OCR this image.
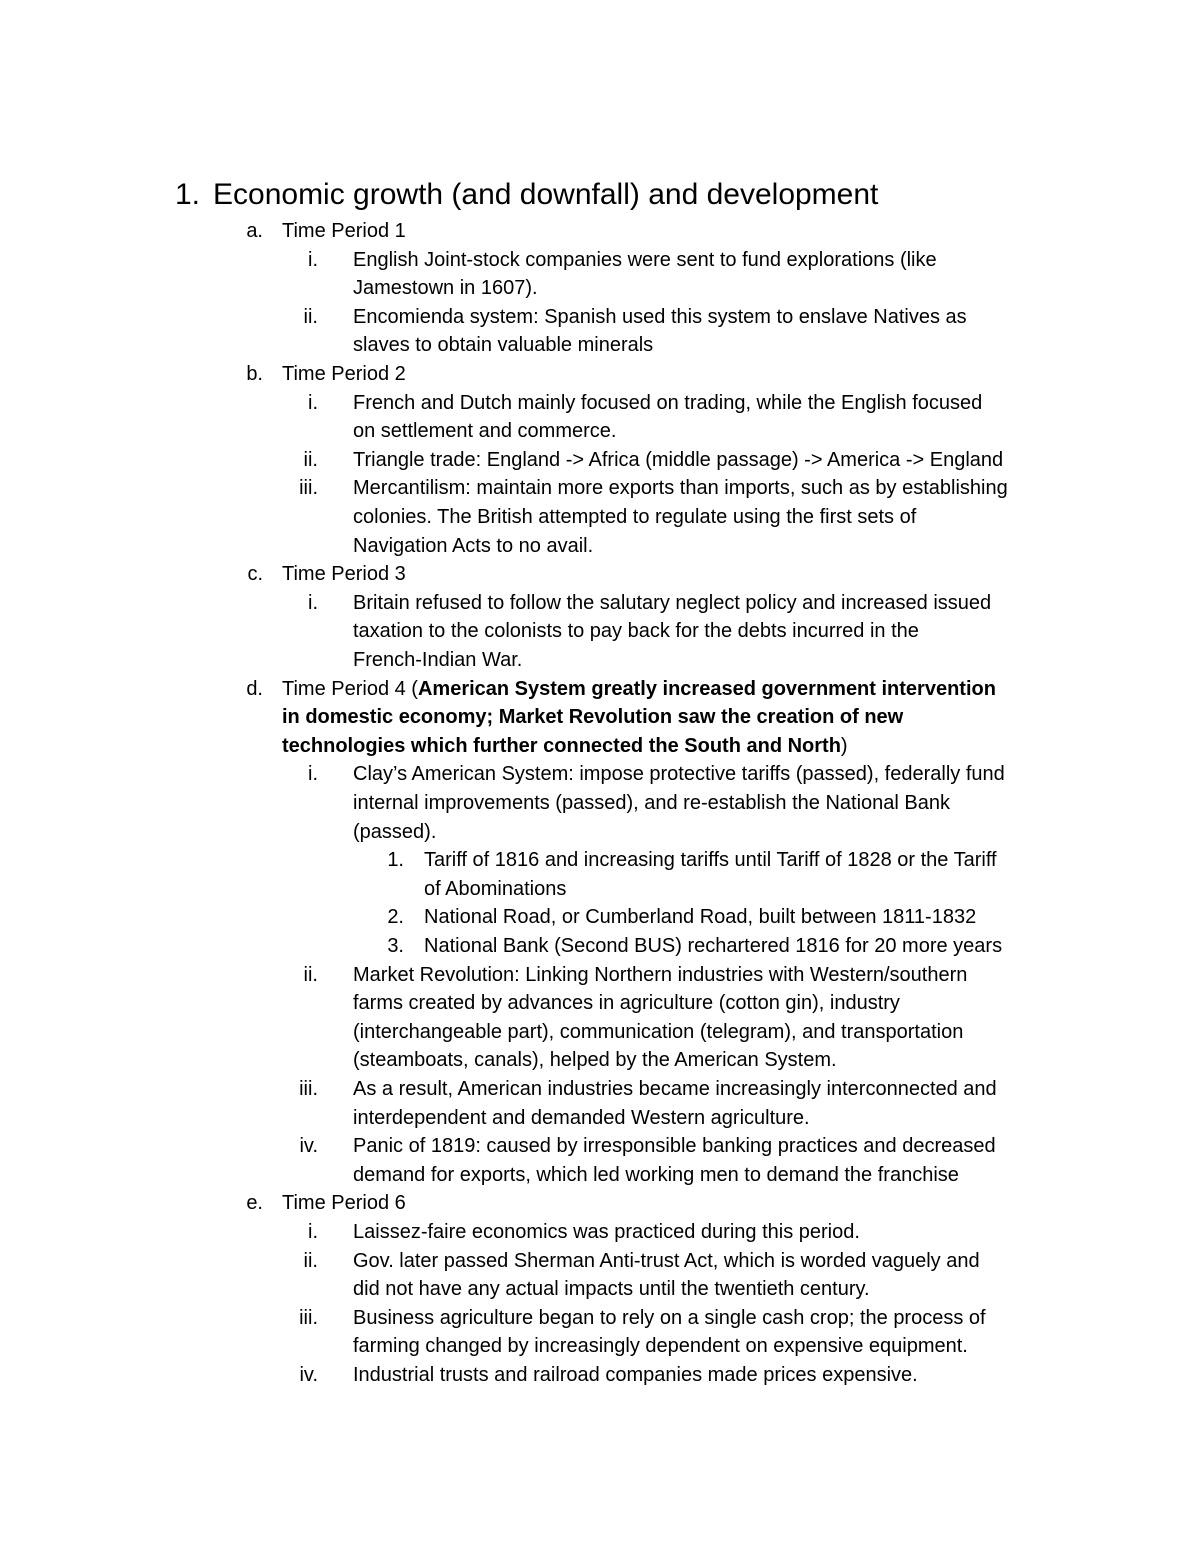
1. Economic growth (and downfall) and development
a. Time Period 1
i. English Joint-stock companies were sent to fund explorations (like
Jamestown in 1607).
ii. Encomienda system: Spanish used this system to enslave Natives as
slaves to obtain valuable minerals
b. Time Period 2
i. French and Dutch mainly focused on trading, while the English focused
on settlement and commerce.
ii. Triangle trade: England -> Africa (middle passage) -> America -> England
iii. Mercantilism: maintain more exports than imports, such as by establishing
colonies. The British attempted to regulate using the first sets of
Navigation Acts to no avail.
c. Time Period 3
i. Britain refused to follow the salutary neglect policy and increased issued
taxation to the colonists to pay back for the debts incurred in the
French-Indian War.
d. Time Period 4 (American System greatly increased government intervention
in domestic economy; Market Revolution saw the creation of new
technologies which further connected the South and North)
i. Clay’s American System: impose protective tariffs (passed), federally fund
internal improvements (passed), and re-establish the National Bank
(passed).
1. Tariff of 1816 and increasing tariffs until Tariff of 1828 or the Tariff
of Abominations
2. National Road, or Cumberland Road, built between 1811-1832
3. National Bank (Second BUS) rechartered 1816 for 20 more years
ii. Market Revolution: Linking Northern industries with Western/southern
farms created by advances in agriculture (cotton gin), industry
(interchangeable part), communication (telegram), and transportation
(steamboats, canals), helped by the American System.
iii. As a result, American industries became increasingly interconnected and
interdependent and demanded Western agriculture.
iv. Panic of 1819: caused by irresponsible banking practices and decreased
demand for exports, which led working men to demand the franchise
e. Time Period 6
i. Laissez-faire economics was practiced during this period.
ii. Gov. later passed Sherman Anti-trust Act, which is worded vaguely and
did not have any actual impacts until the twentieth century.
iii. Business agriculture began to rely on a single cash crop; the process of
farming changed by increasingly dependent on expensive equipment.
iv. Industrial trusts and railroad companies made prices expensive.
